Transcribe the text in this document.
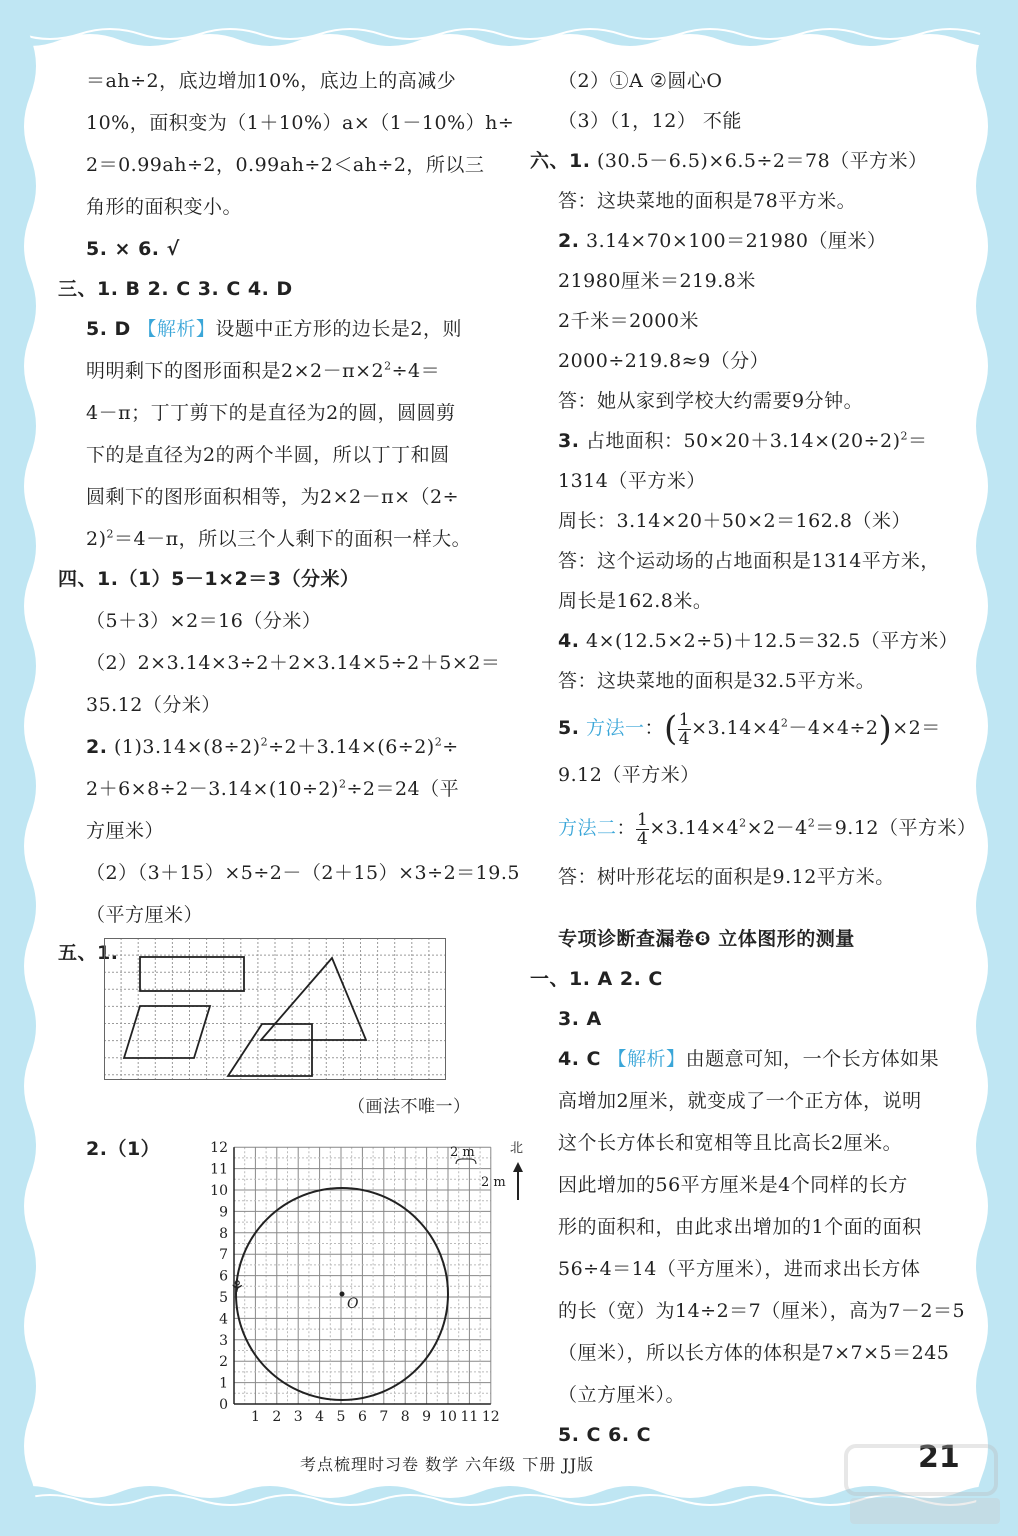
＝ah÷2，底边增加10%，底边上的高减少
10%，面积变为（1＋10%）a×（1－10%）h÷
2＝0.99ah÷2，0.99ah÷2＜ah÷2，所以三
角形的面积变小。
5. × 6. √
三、1. B 2. C 3. C 4. D
5. D 【解析】设题中正方形的边长是2，则
明明剩下的图形面积是$2\times 2-\pi\times 2^2\div 4=$
4－π；丁丁剪下的是直径为2的圆，圆圆剪
下的是直径为2的两个半圆，所以丁丁和圆
圆剩下的图形面积相等，为2×2－π×（2÷
2)$^2$＝4－π，所以三个人剩下的面积一样大。
四、1.（1）5－1×2＝3（分米）
（5＋3）×2＝16（分米）
（2）2×3.14×3÷2＋2×3.14×5÷2＋5×2＝
35.12（分米）
2. $(1)3.14\times(8\div 2)^2\div 2+3.14\times(6\div 2)^2\div$
$2+6\times 8\div 2-3.14\times(10\div 2)^2\div 2=24$（平
方厘米）
（2）（3＋15）×5÷2－（2＋15）×3÷2＝19.5
（平方厘米）
五、1.
（画法不唯一）
2.（1）
1 2 3 4 5 6 7 8 9 10 11 12
0
1
2
3
4
5
6
7
8
9
10
11
12
O
⚘
2 m
2 m
北
（2）①A ②圆心O
（3）（1，12） 不能
六、1. (30.5－6.5)×6.5÷2＝78（平方米）
答：这块菜地的面积是78平方米。
2. 3.14×70×100＝21980（厘米）
21980厘米＝219.8米
2千米＝2000米
2000÷219.8≈9（分）
答：她从家到学校大约需要9分钟。
3. 占地面积：$50\times 20+3.14\times(20\div 2)^2=$
1314（平方米）
周长：3.14×20＋50×2＝162.8（米）
答：这个运动场的占地面积是1314平方米，
周长是162.8米。
4. 4×(12.5×2÷5)＋12.5＝32.5（平方米）
答：这块菜地的面积是32.5平方米。
5. 方法一：( $\frac{1}{4} \times 3.14\times 4^2-4\times 4\div 2)\times 2=$
9.12（平方米）
方法二： $\frac{1}{4} \times 3.14\times 4^2\times 2-4^2=9.12$（平方米）
答：树叶形花坛的面积是9.12平方米。
专项诊断查漏卷❽ 立体图形的测量
一、1. A 2. C
3. A
4. C 【解析】由题意可知，一个长方体如果
高增加2厘米，就变成了一个正方体，说明
这个长方体长和宽相等且比高长2厘米。
因此增加的56平方厘米是4个同样的长方
形的面积和，由此求出增加的1个面的面积
56÷4＝14（平方厘米），进而求出长方体
的长（宽）为14÷2＝7（厘米），高为7－2＝5
（厘米），所以长方体的体积是7×7×5＝245
（立方厘米）。
5. C 6. C
考点梳理时习卷 数学 六年级 下册 JJ版	21
